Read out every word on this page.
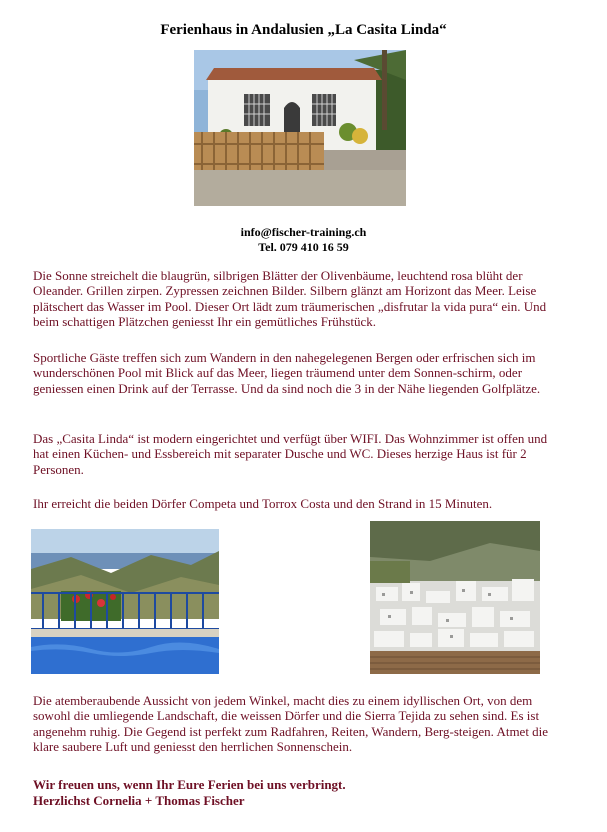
Ferienhaus in Andalusien „La Casita Linda“
info@fischer-training.ch
Tel. 079 410 16 59
Die Sonne streichelt die blaugrün, silbrigen Blätter der Olivenbäume, leuchtend rosa blüht der Oleander. Grillen zirpen. Zypressen zeichnen Bilder. Silbern glänzt am Horizont das Meer. Leise plätschert das Wasser im Pool. Dieser Ort lädt zum träumerischen „disfrutar la vida pura“ ein. Und beim schattigen Plätzchen geniesst Ihr ein gemütliches Frühstück.
Sportliche Gäste treffen sich zum Wandern in den nahegelegenen Bergen oder erfrischen sich im wunderschönen Pool mit Blick auf das Meer, liegen träumend unter dem Sonnen-schirm, oder geniessen einen Drink auf der Terrasse. Und da sind noch die 3 in der Nähe liegenden Golfplätze.
Das „Casita Linda“ ist modern eingerichtet und verfügt über WIFI. Das Wohnzimmer ist offen und hat einen Küchen- und Essbereich mit separater Dusche und WC. Dieses herzige Haus ist für 2 Personen.
Ihr erreicht die beiden Dörfer Competa und Torrox Costa und den Strand in 15 Minuten.
Die atemberaubende Aussicht von jedem Winkel, macht dies zu einem idyllischen Ort, von dem sowohl die umliegende Landschaft, die weissen Dörfer und die Sierra Tejida zu sehen sind. Es ist angenehm ruhig. Die Gegend ist perfekt zum Radfahren, Reiten, Wandern, Berg-steigen. Atmet die klare saubere Luft und geniesst den herrlichen Sonnenschein.
Wir freuen uns, wenn Ihr Eure Ferien bei uns verbringt.
Herzlichst Cornelia + Thomas Fischer
